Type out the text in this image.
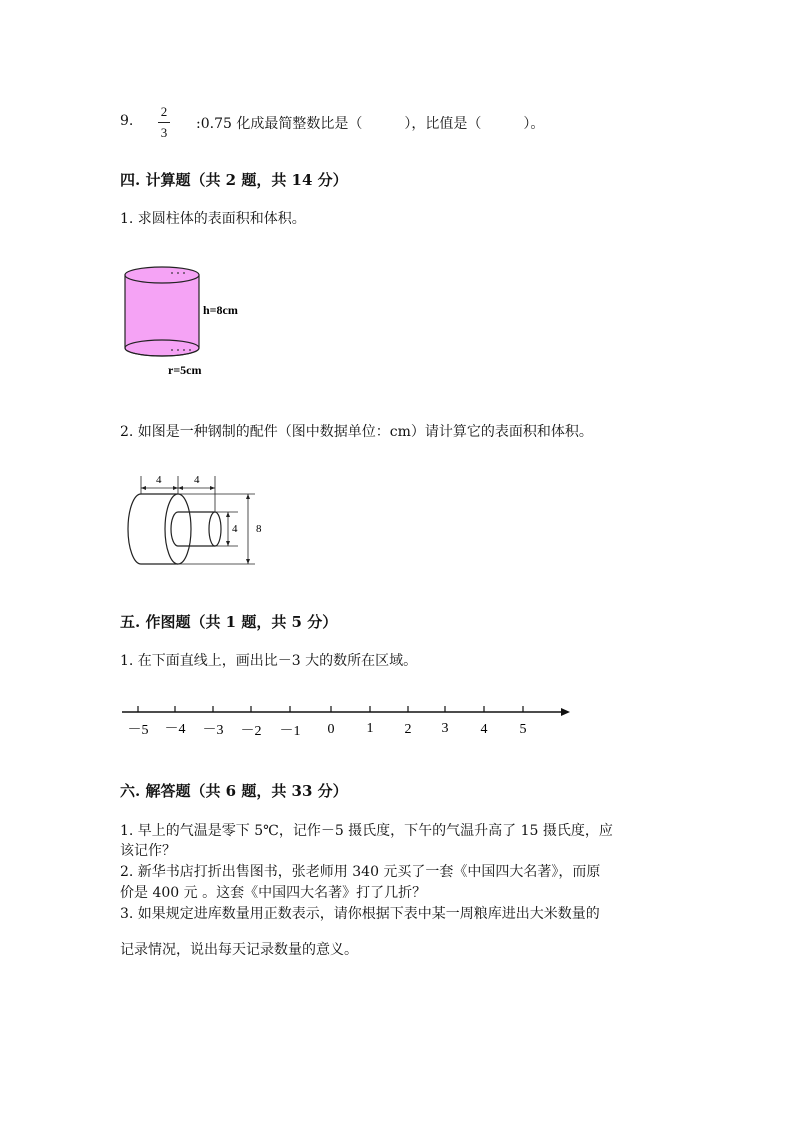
9.
2
3
:0.75 化成最简整数比是（　　　），比值是（　　　）。
四. 计算题（共 2 题，共 14 分）
1. 求圆柱体的表面积和体积。
h=8cm
r=5cm
2. 如图是一种钢制的配件（图中数据单位：cm）请计算它的表面积和体积。
4	4
4 8
五. 作图题（共 1 题，共 5 分）
1. 在下面直线上，画出比－3 大的数所在区域。
－5 －4 －3 －2 －1 0 1 2 3 4 5
六. 解答题（共 6 题，共 33 分）
1. 早上的气温是零下 5℃，记作－5 摄氏度，下午的气温升高了 15 摄氏度，应
该记作？
2. 新华书店打折出售图书，张老师用 340 元买了一套《中国四大名著》，而原
价是 400 元 。这套《中国四大名著》打了几折？
3. 如果规定进库数量用正数表示，请你根据下表中某一周粮库进出大米数量的
记录情况，说出每天记录数量的意义。
